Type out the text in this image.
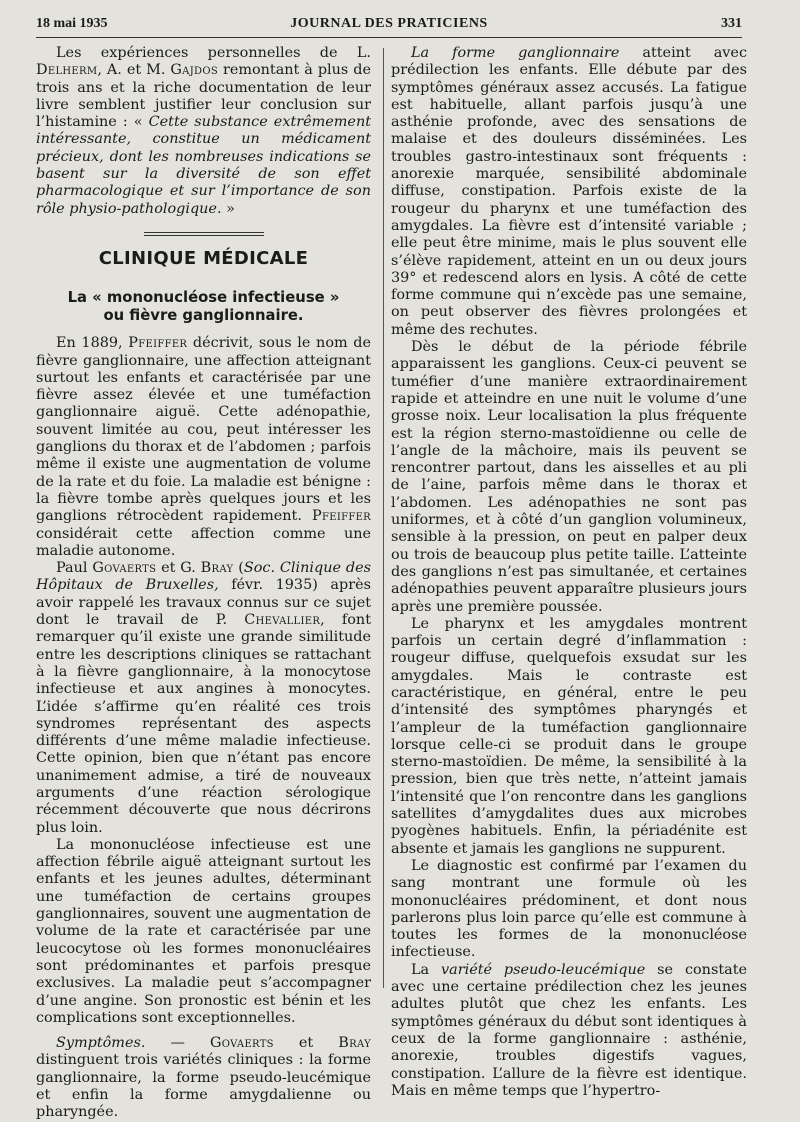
18 mai 1935	JOURNAL DES PRATICIENS	331

Les expériences personnelles de L. Delherm, A. et M. Gajdos remontant à plus de trois ans et la riche documentation de leur livre semblent justifier leur conclusion sur l’histamine : « Cette substance extrêmement intéressante, constitue un médicament précieux, dont les nombreuses indications se basent sur la diversité de son effet pharmacologique et sur l’importance de son rôle physio-pathologique. »

CLINIQUE MÉDICALE
La « mononucléose infectieuse »
ou fièvre ganglionnaire.

En 1889, Pfeiffer décrivit, sous le nom de fièvre ganglionnaire, une affection atteignant surtout les enfants et caractérisée par une fièvre assez élevée et une tuméfaction ganglionnaire aiguë. Cette adénopathie, souvent limitée au cou, peut intéresser les ganglions du thorax et de l’abdomen ; parfois même il existe une augmentation de volume de la rate et du foie. La maladie est bénigne : la fièvre tombe après quelques jours et les ganglions rétrocèdent rapidement. Pfeiffer considérait cette affection comme une maladie autonome.

Paul Govaerts et G. Bray (Soc. Clinique des Hôpitaux de Bruxelles, févr. 1935) après avoir rappelé les travaux connus sur ce sujet dont le travail de P. Chevallier, font remarquer qu’il existe une grande similitude entre les descriptions cliniques se rattachant à la fièvre ganglionnaire, à la monocytose infectieuse et aux angines à monocytes. L’idée s’affirme qu’en réalité ces trois syndromes représentant des aspects différents d’une même maladie infectieuse. Cette opinion, bien que n’étant pas encore unanimement admise, a tiré de nouveaux arguments d’une réaction sérologique récemment découverte que nous décrirons plus loin.

La mononucléose infectieuse est une affection fébrile aiguë atteignant surtout les enfants et les jeunes adultes, déterminant une tuméfaction de certains groupes ganglionnaires, souvent une augmentation de volume de la rate et caractérisée par une leucocytose où les formes mononucléaires sont prédominantes et parfois presque exclusives. La maladie peut s’accompagner d’une angine. Son pronostic est bénin et les complications sont exceptionnelles.

Symptômes. — Govaerts et Bray distinguent trois variétés cliniques : la forme ganglionnaire, la forme pseudo-leucémique et enfin la forme amygdalienne ou pharyngée.

La forme ganglionnaire atteint avec prédilection les enfants. Elle débute par des symptômes généraux assez accusés. La fatigue est habituelle, allant parfois jusqu’à une asthénie profonde, avec des sensations de malaise et des douleurs disséminées. Les troubles gastro-intestinaux sont fréquents : anorexie marquée, sensibilité abdominale diffuse, constipation. Parfois existe de la rougeur du pharynx et une tuméfaction des amygdales. La fièvre est d’intensité variable ; elle peut être minime, mais le plus souvent elle s’élève rapidement, atteint en un ou deux jours 39° et redescend alors en lysis. A côté de cette forme commune qui n’excède pas une semaine, on peut observer des fièvres prolongées et même des rechutes.

Dès le début de la période fébrile apparaissent les ganglions. Ceux-ci peuvent se tuméfier d’une manière extraordinairement rapide et atteindre en une nuit le volume d’une grosse noix. Leur localisation la plus fréquente est la région sterno-mastoïdienne ou celle de l’angle de la mâchoire, mais ils peuvent se rencontrer partout, dans les aisselles et au pli de l’aine, parfois même dans le thorax et l’abdomen. Les adénopathies ne sont pas uniformes, et à côté d’un ganglion volumineux, sensible à la pression, on peut en palper deux ou trois de beaucoup plus petite taille. L’atteinte des ganglions n’est pas simultanée, et certaines adénopathies peuvent apparaître plusieurs jours après une première poussée.

Le pharynx et les amygdales montrent parfois un certain degré d’inflammation : rougeur diffuse, quelquefois exsudat sur les amygdales. Mais le contraste est caractéristique, en général, entre le peu d’intensité des symptômes pharyngés et l’ampleur de la tuméfaction ganglionnaire lorsque celle-ci se produit dans le groupe sterno-mastoïdien. De même, la sensibilité à la pression, bien que très nette, n’atteint jamais l’intensité que l’on rencontre dans les ganglions satellites d’amygdalites dues aux microbes pyogènes habituels. Enfin, la périadénite est absente et jamais les ganglions ne suppurent.

Le diagnostic est confirmé par l’examen du sang montrant une formule où les mononucléaires prédominent, et dont nous parlerons plus loin parce qu’elle est commune à toutes les formes de la mononucléose infectieuse.

La variété pseudo-leucémique se constate avec une certaine prédilection chez les jeunes adultes plutôt que chez les enfants. Les symptômes généraux du début sont identiques à ceux de la forme ganglionnaire : asthénie, anorexie, troubles digestifs vagues, constipation. L’allure de la fièvre est identique. Mais en même temps que l’hypertro-
